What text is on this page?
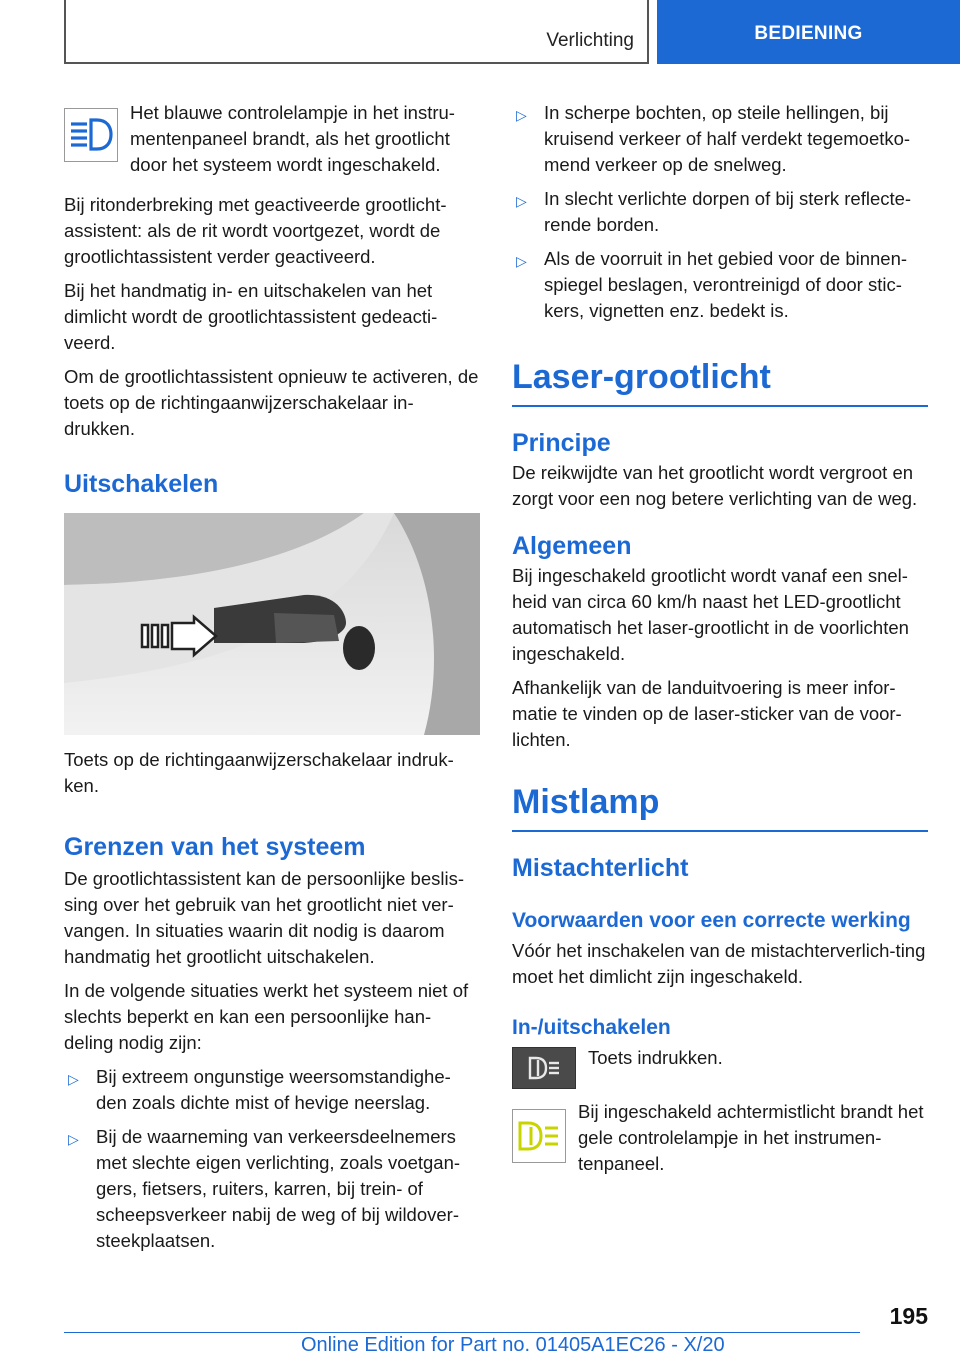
Verlichting	BEDIENING

Het blauwe controlelampje in het instru-mentenpaneel brandt, als het grootlicht door het systeem wordt ingeschakeld.

Bij ritonderbreking met geactiveerde grootlicht-assistent: als de rit wordt voortgezet, wordt de grootlichtassistent verder geactiveerd.

Bij het handmatig in- en uitschakelen van het dimlicht wordt de grootlichtassistent gedeacti-veerd.

Om de grootlichtassistent opnieuw te activeren, de toets op de richtingaanwijzerschakelaar in-drukken.

Uitschakelen

Toets op de richtingaanwijzerschakelaar indruk-ken.

Grenzen van het systeem

De grootlichtassistent kan de persoonlijke beslis-sing over het gebruik van het grootlicht niet ver-vangen. In situaties waarin dit nodig is daarom handmatig het grootlicht uitschakelen.

In de volgende situaties werkt het systeem niet of slechts beperkt en kan een persoonlijke han-deling nodig zijn:

▷ Bij extreem ongunstige weersomstandighe-den zoals dichte mist of hevige neerslag.
▷ Bij de waarneming van verkeersdeelnemers met slechte eigen verlichting, zoals voetgan-gers, fietsers, ruiters, karren, bij trein- of scheepsverkeer nabij de weg of bij wildover-steekplaatsen.
▷ In scherpe bochten, op steile hellingen, bij kruisend verkeer of half verdekt tegemoetko-mend verkeer op de snelweg.
▷ In slecht verlichte dorpen of bij sterk reflecte-rende borden.
▷ Als de voorruit in het gebied voor de binnen-spiegel beslagen, verontreinigd of door stic-kers, vignetten enz. bedekt is.
Laser-grootlicht
Principe

De reikwijdte van het grootlicht wordt vergroot en zorgt voor een nog betere verlichting van de weg.

Algemeen

Bij ingeschakeld grootlicht wordt vanaf een snel-heid van circa 60 km/h naast het LED-grootlicht automatisch het laser-grootlicht in de voorlichten ingeschakeld.

Afhankelijk van de landuitvoering is meer infor-matie te vinden op de laser-sticker van de voor-lichten.

Mistlamp
Mistachterlicht
Voorwaarden voor een correcte werking

Vóór het inschakelen van de mistachterverlich-ting moet het dimlicht zijn ingeschakeld.

In-/uitschakelen

Toets indrukken.

Bij ingeschakeld achtermistlicht brandt het gele controlelampje in het instrumen-tenpaneel.

195
Online Edition for Part no. 01405A1EC26 - X/20
